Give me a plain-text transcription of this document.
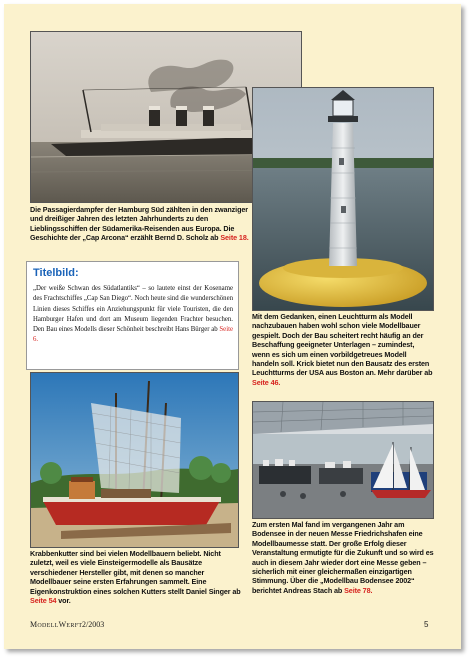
Die Passagierdampfer der Hamburg Süd zählten in den zwanziger und dreißiger Jahren des letzten Jahrhunderts zu den Lieblingsschiffen der Südamerika-Reisenden aus Europa. Die Geschichte der „Cap Arcona“ erzählt Bernd D. Scholz ab Seite 18.
Titelbild:
„Der weiße Schwan des Südatlantiks“ – so lautete einst der Kosename des Frachtschiffes „Cap San Diego“. Noch heute sind die wunderschönen Linien dieses Schiffes ein Anziehungspunkt für viele Touristen, die den Hamburger Hafen und dort am Museum liegenden Frachter besuchen. Den Bau eines Modells dieser Schönheit beschreibt Hans Bürger ab Seite 6.
Mit dem Gedanken, einen Leuchtturm als Modell nachzubauen haben wohl schon viele Modellbauer gespielt. Doch der Bau scheitert recht häufig an der Beschaffung geeigneter Unterlagen – zumindest, wenn es sich um einen vorbildgetreues Modell handeln soll. Krick bietet nun den Bausatz des ersten Leuchtturms der USA aus Boston an. Mehr darüber ab Seite 46.
Krabbenkutter sind bei vielen Modellbauern beliebt. Nicht zuletzt, weil es viele Einsteigermodelle als Bausätze verschiedener Hersteller gibt, mit denen so mancher Modellbauer seine ersten Erfahrungen sammelt. Eine Eigenkonstruktion eines solchen Kutters stellt Daniel Singer ab Seite 54 vor.
Zum ersten Mal fand im vergangenen Jahr am Bodensee in der neuen Messe Friedrichshafen eine Modellbaumesse statt. Der große Erfolg dieser Veranstaltung ermutigte für die Zukunft und so wird es auch in diesem Jahr wieder dort eine Messe geben – sicherlich mit einer gleichermaßen einzigartigen Stimmung. Über die „Modellbau Bodensee 2002“ berichtet Andreas Stach ab Seite 78.
ModellWerft 2/2003	5
